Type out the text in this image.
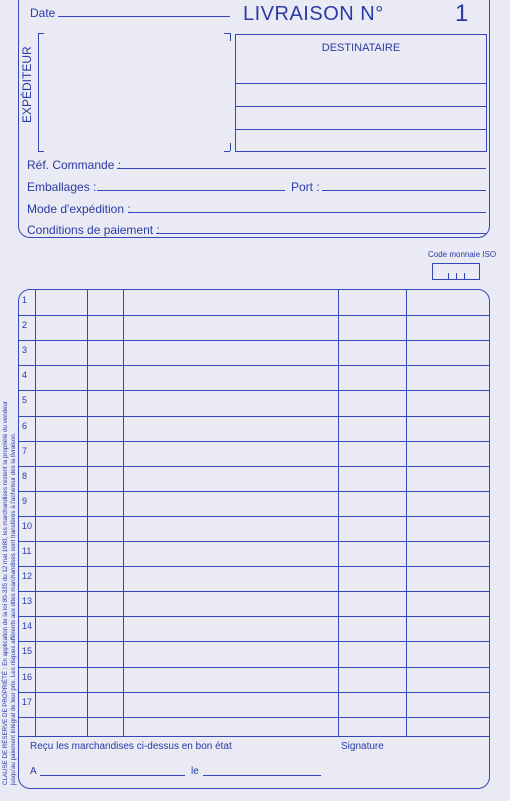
Date	LIVRAISON N°	1
EXPÉDITEUR	DESTINATAIRE
Réf. Commande :
Emballages :	Port :
Mode d'expédition :
Conditions de paiement :
Code monnaie ISO
1
2
3
4
5
6
7
8
9
10
11
12
13
14
15
16
17
CLAUSE DE RÉSERVE DE PROPRIÉTÉ : En application de la loi 80-335 du 12 mai 1980, les marchandises restent la propriété du vendeur jusqu'au paiement intégral de leur prix. Les risques afférents aux dites marchandises sont transférés à l'acheteur dès la livraison. Reçu les marchandises ci-dessus en bon état	Signature
A	le
